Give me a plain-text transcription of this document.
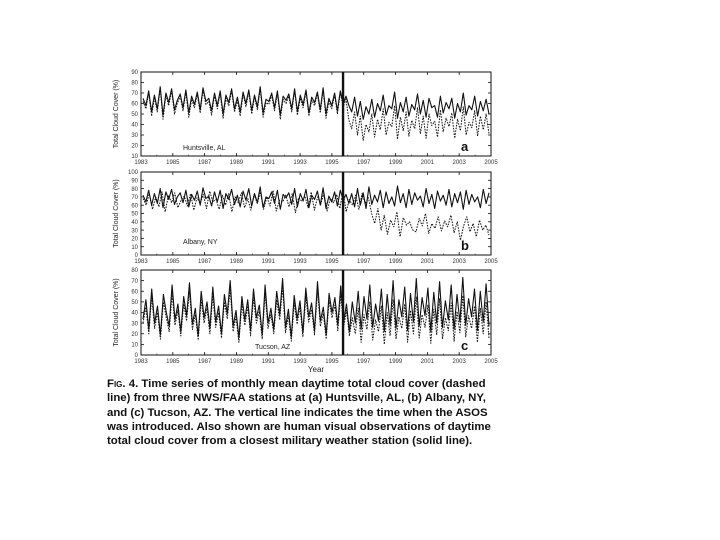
10
20
30
40
50
60
70
80
90
1983	1985	1987	1989	1991	1993	1995	1997	1999	2001	2003	2005
Total Cloud Cover (%)
Huntsville, AL	a
0
10
20
30
40
50
60
70
80
90
100
1983	1985	1987	1989	1991	1993	1995	1997	1999	2001	2003	2005
Total Cloud Cover (%)	Albany, NY	b
0
10
20
30
40
50
60
70
80
1983	1985	1987	1989	1991	1993	1995	1997	1999	2001	2003	2005
Total Cloud Cover (%)
Tucson, AZ	c
Year

Fig. 4. Time series of monthly mean daytime total cloud cover (dashed line) from three NWS/FAA stations at (a) Huntsville, AL, (b) Albany, NY, and (c) Tucson, AZ. The vertical line indicates the time when the ASOS was introduced. Also shown are human visual observations of daytime total cloud cover from a closest military weather station (solid line).
